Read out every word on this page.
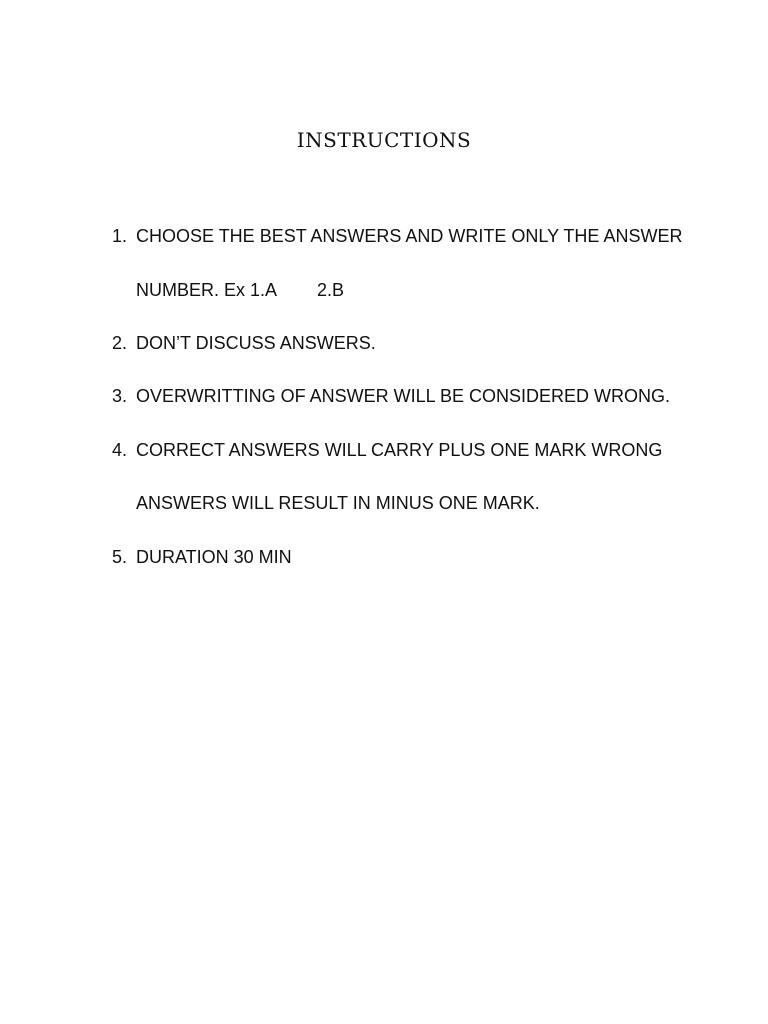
INSTRUCTIONS
1. CHOOSE THE BEST ANSWERS AND WRITE ONLY THE ANSWER
NUMBER. Ex 1.A 2.B
2. DON’T DISCUSS ANSWERS.
3. OVERWRITTING OF ANSWER WILL BE CONSIDERED WRONG.
4. CORRECT ANSWERS WILL CARRY PLUS ONE MARK WRONG
ANSWERS WILL RESULT IN MINUS ONE MARK.
5. DURATION 30 MIN
